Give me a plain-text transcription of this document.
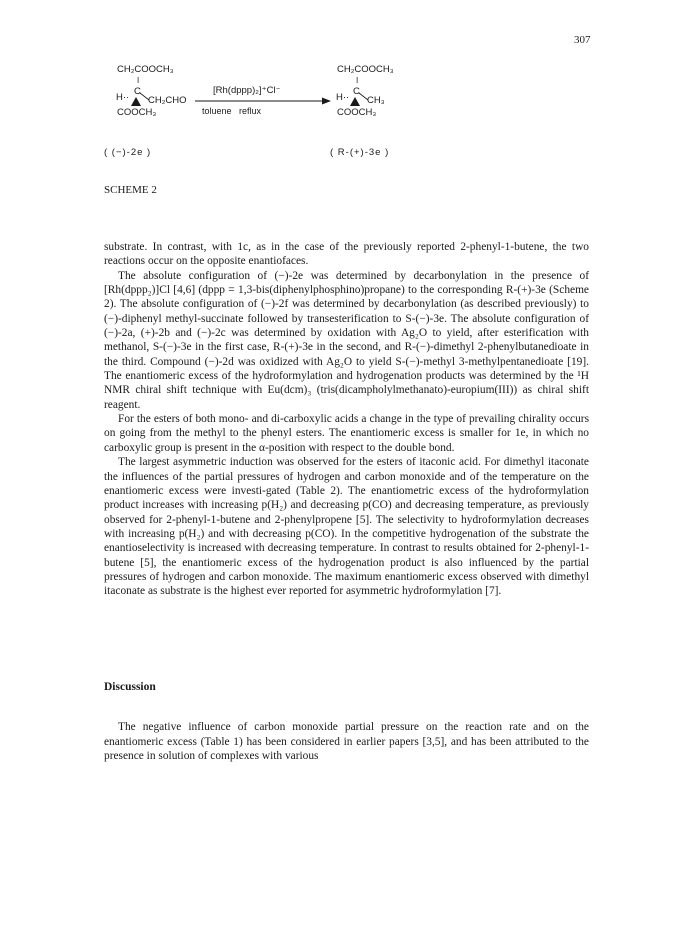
307
CH₂COOCH₃
I
H··
C
CH₂CHO
COOCH₃
[Rh(dppp)₂]⁺Cl⁻
toluene   reflux
CH₂COOCH₃
I
H··
C
CH₃
COOCH₃
( (−)-2e )	( R-(+)-3e )
SCHEME 2

substrate. In contrast, with 1c, as in the case of the previously reported 2-phenyl-1-butene, the two reactions occur on the opposite enantiofaces.

The absolute configuration of (−)-2e was determined by decarbonylation in the presence of [Rh(dppp₂)]Cl [4,6] (dppp = 1,3-bis(diphenylphosphino)propane) to the corresponding R-(+)-3e (Scheme 2). The absolute configuration of (−)-2f was determined by decarbonylation (as described previously) to (−)-diphenyl methyl-succinate followed by transesterification to S-(−)-3e. The absolute configuration of (−)-2a, (+)-2b and (−)-2c was determined by oxidation with Ag₂O to yield, after esterification with methanol, S-(−)-3e in the first case, R-(+)-3e in the second, and R-(−)-dimethyl 2-phenylbutanedioate in the third. Compound (−)-2d was oxidized with Ag₂O to yield S-(−)-methyl 3-methylpentanedioate [19]. The enantiomeric excess of the hydroformylation and hydrogenation products was determined by the ¹H NMR chiral shift technique with Eu(dcm)₃ (tris(dicampholylmethanato)-europium(III)) as chiral shift reagent.

For the esters of both mono- and di-carboxylic acids a change in the type of prevailing chirality occurs on going from the methyl to the phenyl esters. The enantiomeric excess is smaller for 1e, in which no carboxylic group is present in the α-position with respect to the double bond.

The largest asymmetric induction was observed for the esters of itaconic acid. For dimethyl itaconate the influences of the partial pressures of hydrogen and carbon monoxide and of the temperature on the enantiomeric excess were investi-gated (Table 2). The enantiometric excess of the hydroformylation product increases with increasing p(H₂) and decreasing p(CO) and decreasing temperature, as previously observed for 2-phenyl-1-butene and 2-phenylpropene [5]. The selectivity to hydroformylation decreases with increasing p(H₂) and with decreasing p(CO). In the competitive hydrogenation of the substrate the enantioselectivity is increased with decreasing temperature. In contrast to results obtained for 2-phenyl-1-butene [5], the enantiomeric excess of the hydrogenation product is also influenced by the partial pressures of hydrogen and carbon monoxide. The maximum enantiomeric excess observed with dimethyl itaconate as substrate is the highest ever reported for asymmetric hydroformylation [7].

Discussion

The negative influence of carbon monoxide partial pressure on the reaction rate and on the enantiomeric excess (Table 1) has been considered in earlier papers [3,5], and has been attributed to the presence in solution of complexes with various
